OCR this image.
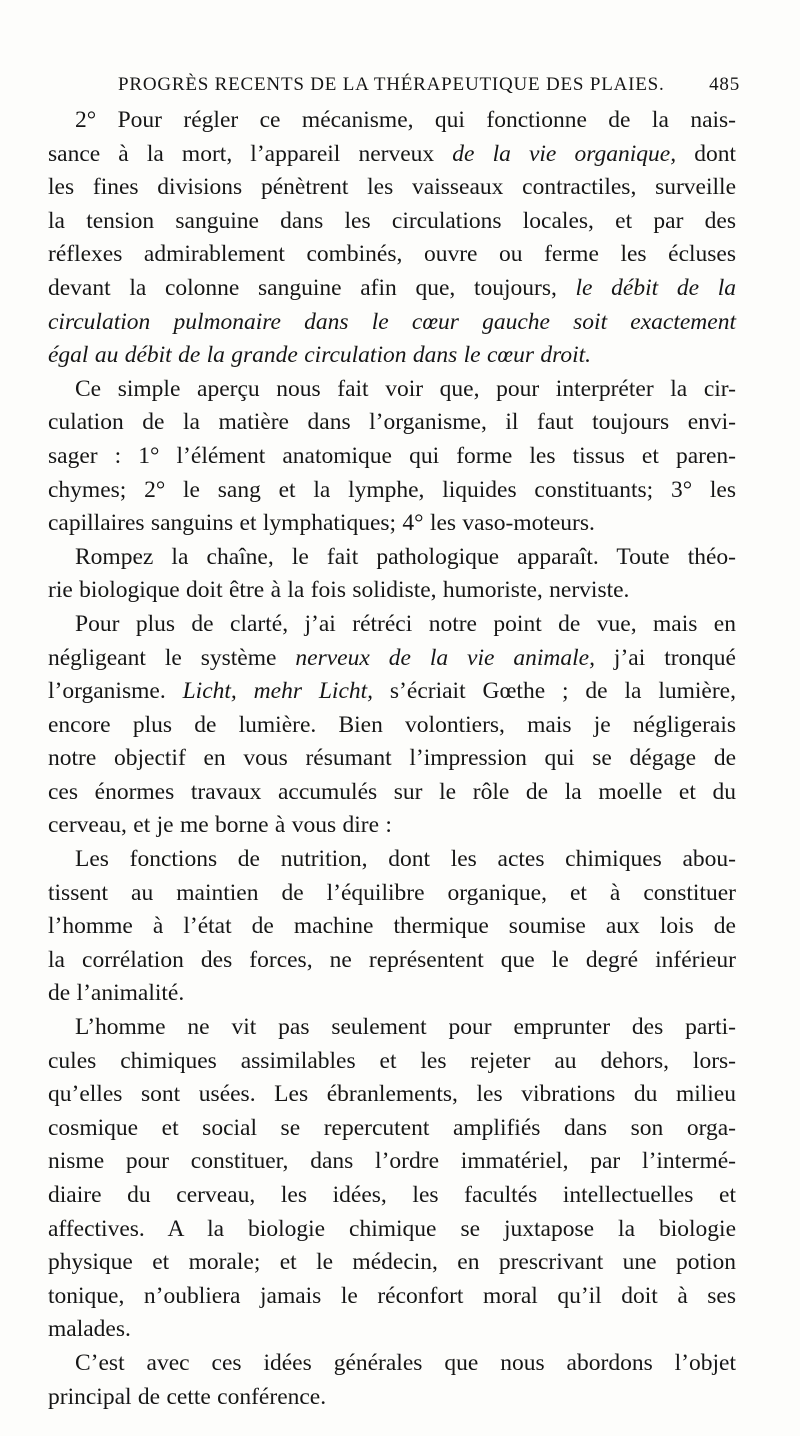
PROGRÈS RECENTS DE LA THÉRAPEUTIQUE DES PLAIES. 485
2° Pour régler ce mécanisme, qui fonctionne de la nais-
sance à la mort, l’appareil nerveux de la vie organique, dont
les fines divisions pénètrent les vaisseaux contractiles, surveille
la tension sanguine dans les circulations locales, et par des
réflexes admirablement combinés, ouvre ou ferme les écluses
devant la colonne sanguine afin que, toujours, le débit de la
circulation pulmonaire dans le cœur gauche soit exactement
égal au débit de la grande circulation dans le cœur droit.
Ce simple aperçu nous fait voir que, pour interpréter la cir-
culation de la matière dans l’organisme, il faut toujours envi-
sager : 1° l’élément anatomique qui forme les tissus et paren-
chymes; 2° le sang et la lymphe, liquides constituants; 3° les
capillaires sanguins et lymphatiques; 4° les vaso-moteurs.
Rompez la chaîne, le fait pathologique apparaît. Toute théo-
rie biologique doit être à la fois solidiste, humoriste, nerviste.
Pour plus de clarté, j’ai rétréci notre point de vue, mais en
négligeant le système nerveux de la vie animale, j’ai tronqué
l’organisme. Licht, mehr Licht, s’écriait Gœthe ; de la lumière,
encore plus de lumière. Bien volontiers, mais je négligerais
notre objectif en vous résumant l’impression qui se dégage de
ces énormes travaux accumulés sur le rôle de la moelle et du
cerveau, et je me borne à vous dire :
Les fonctions de nutrition, dont les actes chimiques abou-
tissent au maintien de l’équilibre organique, et à constituer
l’homme à l’état de machine thermique soumise aux lois de
la corrélation des forces, ne représentent que le degré inférieur
de l’animalité.
L’homme ne vit pas seulement pour emprunter des parti-
cules chimiques assimilables et les rejeter au dehors, lors-
qu’elles sont usées. Les ébranlements, les vibrations du milieu
cosmique et social se repercutent amplifiés dans son orga-
nisme pour constituer, dans l’ordre immatériel, par l’intermé-
diaire du cerveau, les idées, les facultés intellectuelles et
affectives. A la biologie chimique se juxtapose la biologie
physique et morale; et le médecin, en prescrivant une potion
tonique, n’oubliera jamais le réconfort moral qu’il doit à ses
malades.
C’est avec ces idées générales que nous abordons l’objet
principal de cette conférence.
